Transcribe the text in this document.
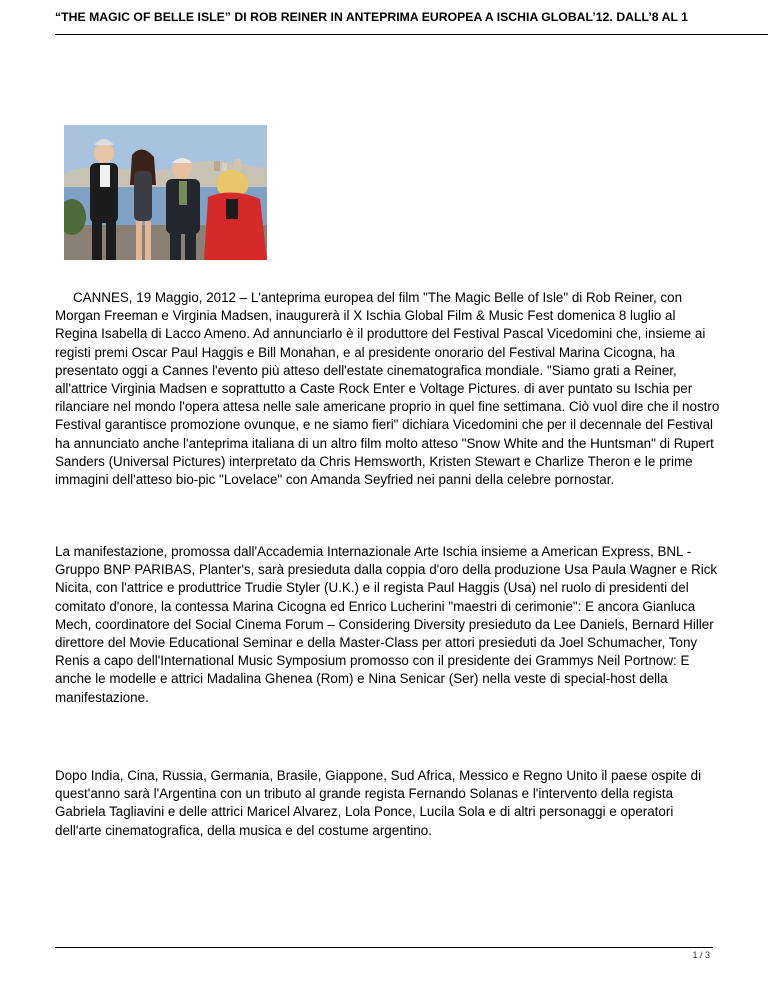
“THE MAGIC OF BELLE ISLE” DI ROB REINER IN ANTEPRIMA EUROPEA A ISCHIA GLOBAL’12. DALL’8 AL 1

CANNES, 19 Maggio, 2012 – L'anteprima europea del film "The Magic Belle of Isle" di Rob Reiner, con Morgan Freeman e Virginia Madsen, inaugurerà il X Ischia Global Film & Music Fest domenica 8 luglio al Regina Isabella di Lacco Ameno. Ad annunciarlo è il produttore del Festival Pascal Vicedomini che, insieme ai registi premi Oscar Paul Haggis e Bill Monahan, e al presidente onorario del Festival Marina Cicogna, ha presentato oggi a Cannes l'evento più atteso dell'estate cinematografica mondiale. "Siamo grati a Reiner, all'attrice Virginia Madsen e soprattutto a Caste Rock Enter e Voltage Pictures. di aver puntato su Ischia per rilanciare nel mondo l'opera attesa nelle sale americane proprio in quel fine settimana. Ciò vuol dire che il nostro Festival garantisce promozione ovunque, e ne siamo fieri" dichiara Vicedomini che per il decennale del Festival ha annunciato anche l'anteprima italiana di un altro film molto atteso "Snow White and the Huntsman" di Rupert Sanders (Universal Pictures) interpretato da Chris Hemsworth, Kristen Stewart e Charlize Theron e le prime immagini dell'atteso bio-pic "Lovelace" con Amanda Seyfried nei panni della celebre pornostar.

La manifestazione, promossa dall'Accademia Internazionale Arte Ischia insieme a American Express, BNL - Gruppo BNP PARIBAS, Planter's, sarà presieduta dalla coppia d'oro della produzione Usa Paula Wagner e Rick Nicita, con l'attrice e produttrice Trudie Styler (U.K.) e il regista Paul Haggis (Usa) nel ruolo di presidenti del comitato d'onore, la contessa Marina Cicogna ed Enrico Lucherini "maestri di cerimonie": E ancora Gianluca Mech, coordinatore del Social Cinema Forum – Considering Diversity presieduto da Lee Daniels, Bernard Hiller direttore del Movie Educational Seminar e della Master-Class per attori presieduti da Joel Schumacher, Tony Renis a capo dell'International Music Symposium promosso con il presidente dei Grammys Neil Portnow: E anche le modelle e attrici Madalina Ghenea (Rom) e Nina Senicar (Ser) nella veste di special-host della manifestazione.

Dopo India, Cina, Russia, Germania, Brasile, Giappone, Sud Africa, Messico e Regno Unito il paese ospite di quest'anno sarà l'Argentina con un tributo al grande regista Fernando Solanas e l'intervento della regista Gabriela Tagliavini e delle attrici Maricel Alvarez, Lola Ponce, Lucila Sola e di altri personaggi e operatori dell'arte cinematografica, della musica e del costume argentino.

1 / 3
